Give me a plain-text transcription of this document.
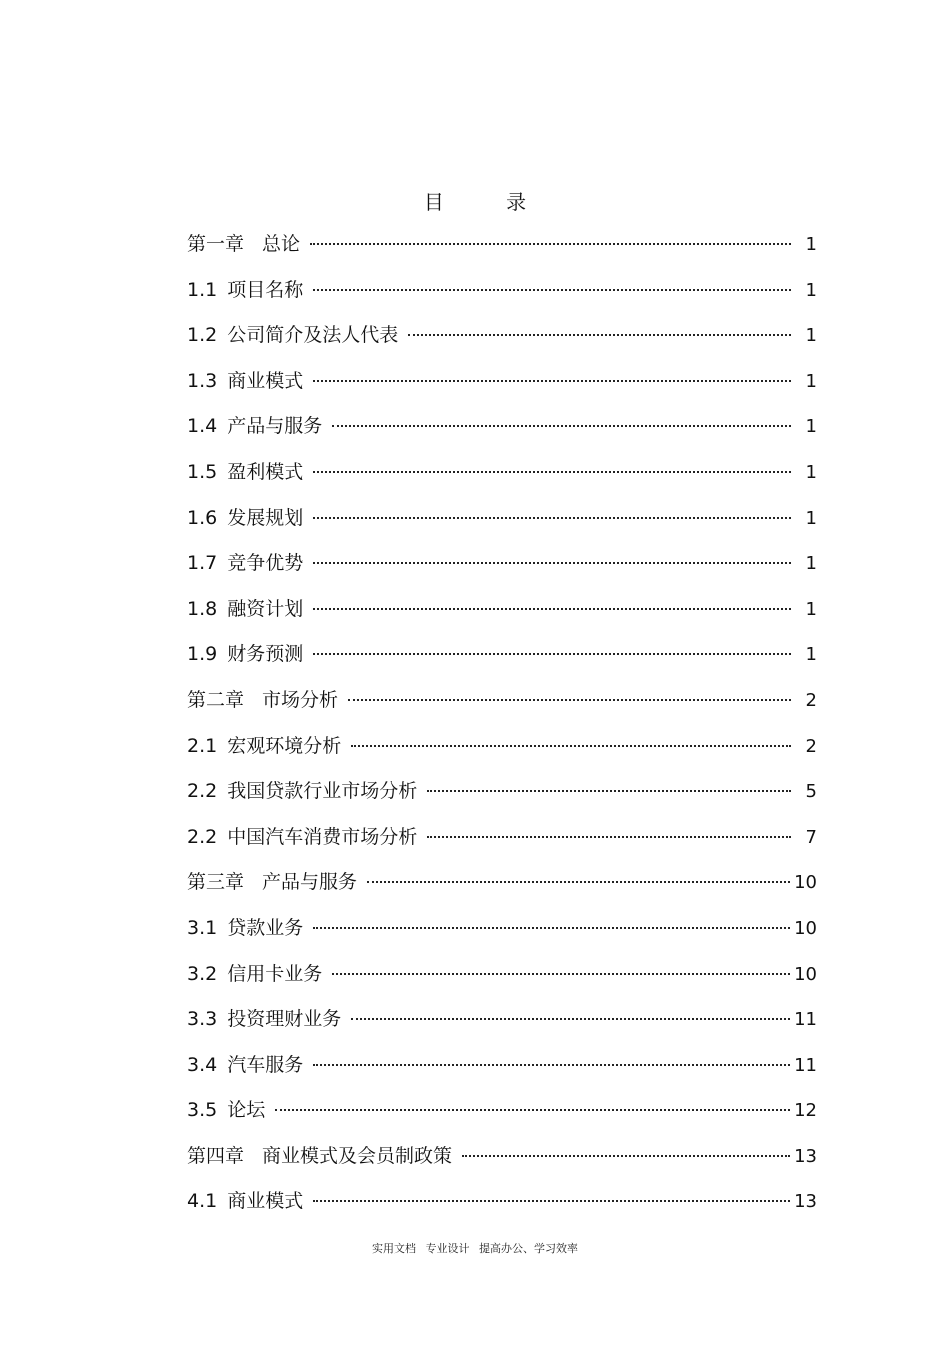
目 录
第一章 总论	1
1.1 项目名称	1
1.2 公司简介及法人代表	1
1.3 商业模式	1
1.4 产品与服务	1
1.5 盈利模式	1
1.6 发展规划	1
1.7 竞争优势	1
1.8 融资计划	1
1.9 财务预测	1
第二章 市场分析	2
2.1 宏观环境分析	2
2.2 我国贷款行业市场分析	5
2.2 中国汽车消费市场分析	7
第三章 产品与服务	10
3.1 贷款业务	10
3.2 信用卡业务	10
3.3 投资理财业务	11
3.4 汽车服务	11
3.5 论坛	12
第四章 商业模式及会员制政策	13
4.1 商业模式	13
实用文档 专业设计 提高办公、学习效率
